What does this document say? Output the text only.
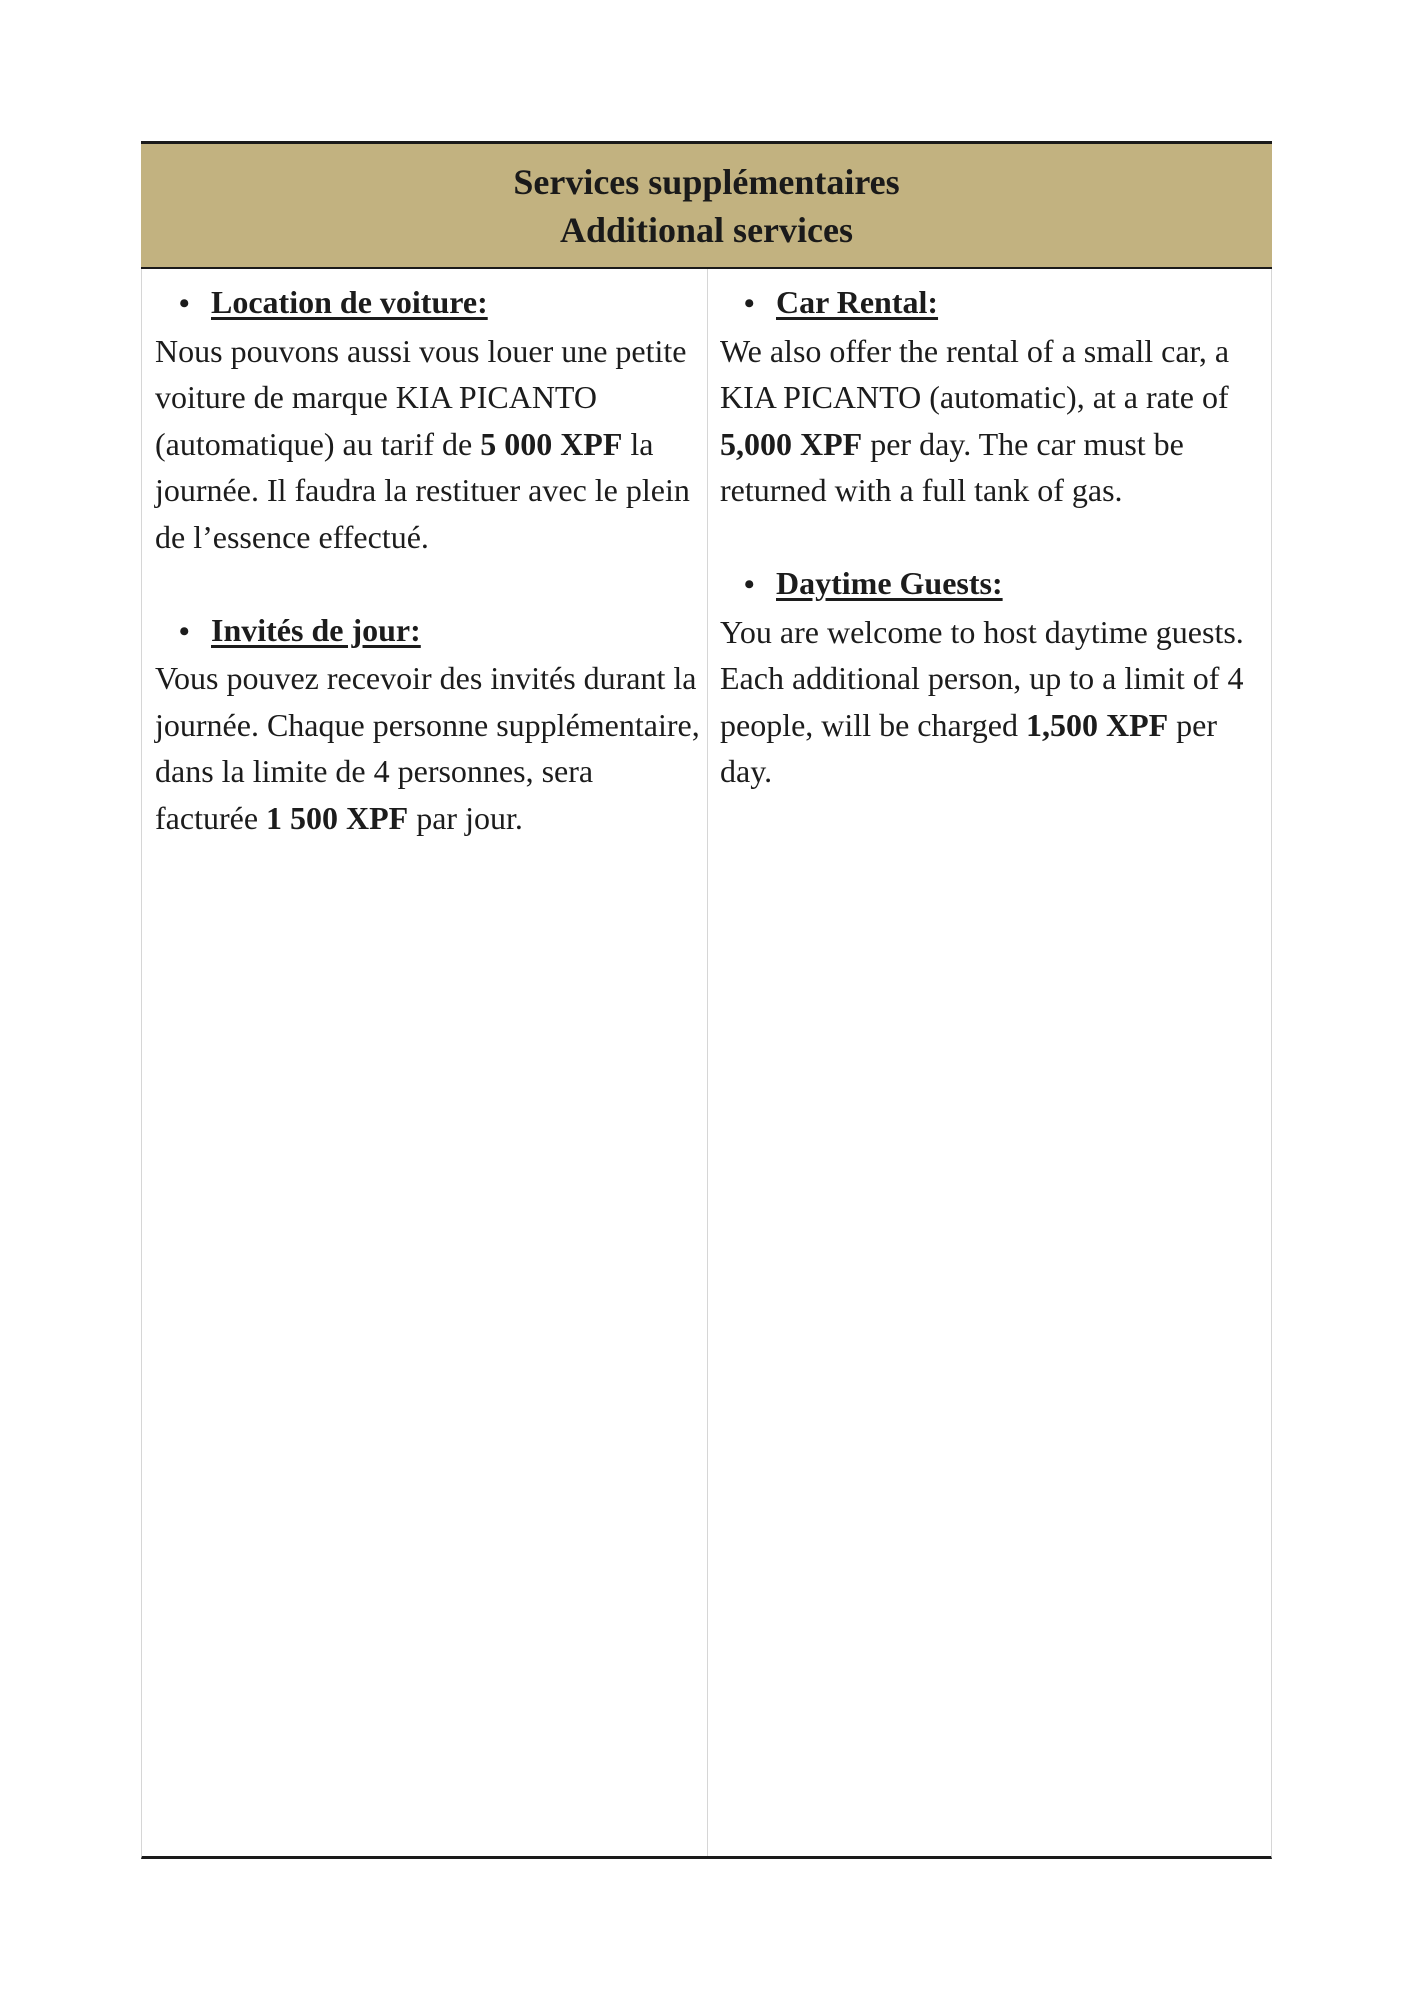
Services supplémentaires
Additional services
• Location de voiture:

Nous pouvons aussi vous louer une petite voiture de marque KIA PICANTO (automatique) au tarif de 5 000 XPF la journée. Il faudra la restituer avec le plein de l’essence effectué.

• Invités de jour:

Vous pouvez recevoir des invités durant la journée. Chaque personne supplémentaire, dans la limite de 4 personnes, sera facturée 1 500 XPF par jour.

• Car Rental:

We also offer the rental of a small car, a KIA PICANTO (automatic), at a rate of 5,000 XPF per day. The car must be returned with a full tank of gas.

• Daytime Guests:

You are welcome to host daytime guests. Each additional person, up to a limit of 4 people, will be charged 1,500 XPF per day.
